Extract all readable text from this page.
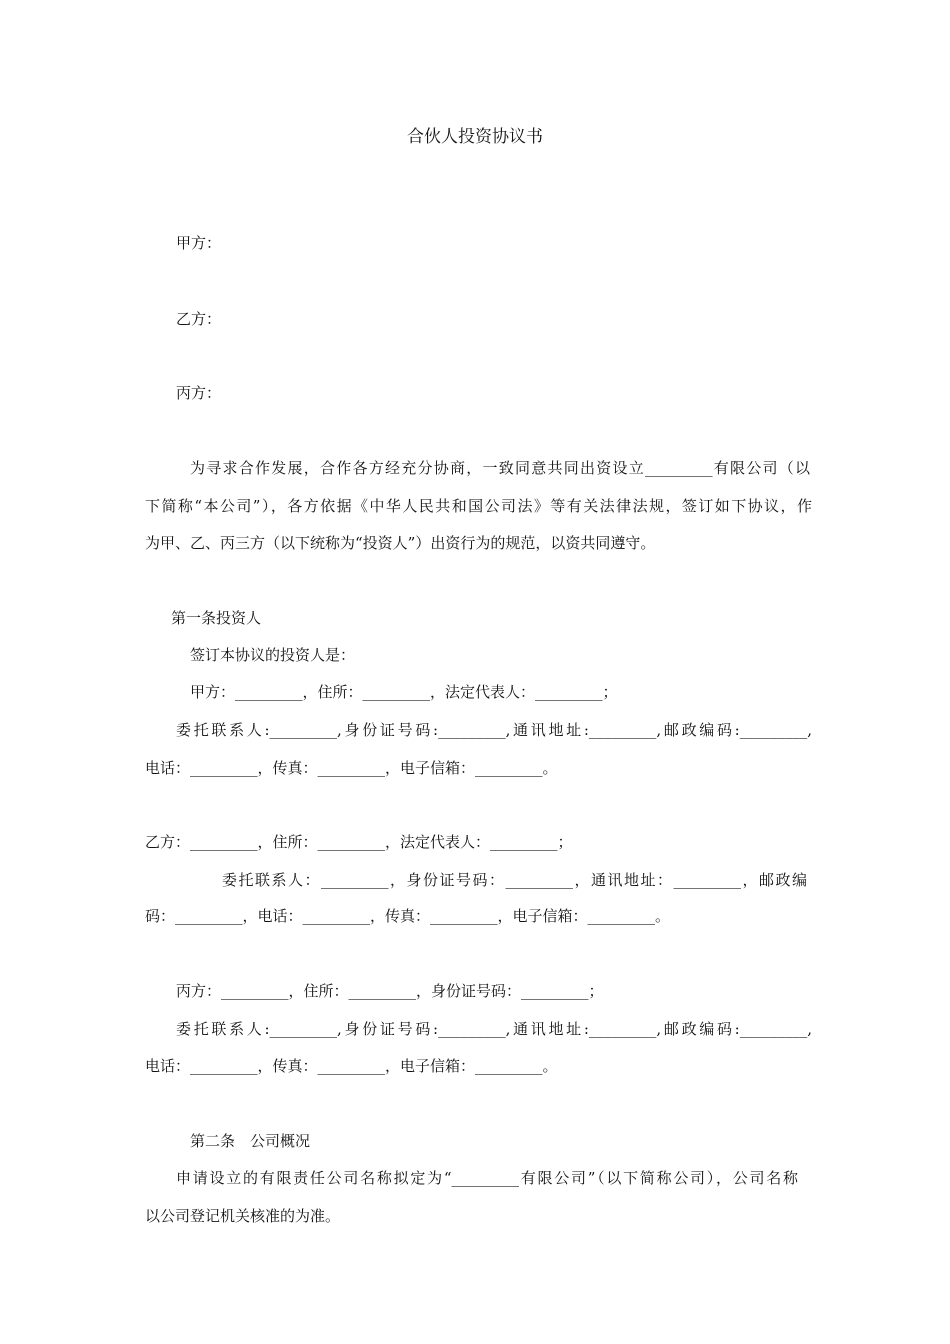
合伙人投资协议书
甲方：
乙方：
丙方：
为寻求合作发展，合作各方经充分协商，一致同意共同出资设立_________有限公司（以
下简称“本公司”），各方依据《中华人民共和国公司法》等有关法律法规，签订如下协议，作
为甲、乙、丙三方（以下统称为“投资人”）出资行为的规范，以资共同遵守。
第一条投资人
签订本协议的投资人是：
甲方：_________，住所：_________，法定代表人：_________；
委托联系人:_________,身份证号码:_________,通讯地址:_________,邮政编码:_________,
电话：_________，传真：_________，电子信箱：_________。
乙方：_________，住所：_________，法定代表人：_________；
委托联系人：_________，身份证号码：_________，通讯地址：_________，邮政编
码：_________，电话：_________，传真：_________，电子信箱：_________。
丙方：_________，住所：_________，身份证号码：_________；
委托联系人:_________,身份证号码:_________,通讯地址:_________,邮政编码:_________,
电话：_________，传真：_________，电子信箱：_________。
第二条　公司概况
申请设立的有限责任公司名称拟定为“_________有限公司”（以下简称公司），公司名称
以公司登记机关核准的为准。
